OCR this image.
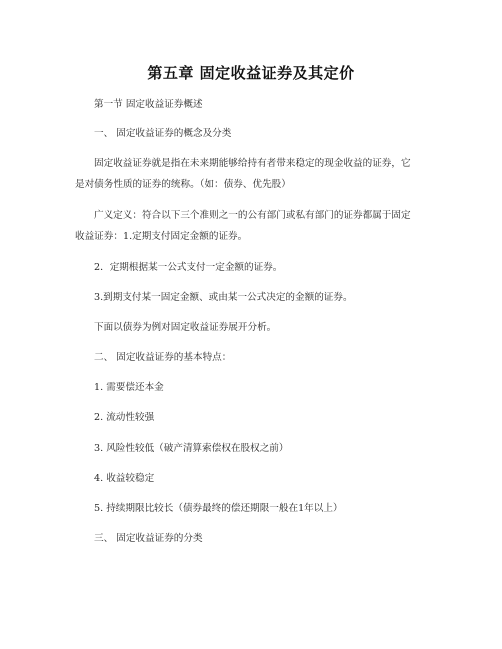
第五章 固定收益证券及其定价
第一节 固定收益证券概述
一、 固定收益证券的概念及分类
固定收益证券就是指在未来期能够给持有者带来稳定的现金收益的证券，它
是对债务性质的证券的统称。（如：债券、优先股）
广义定义：符合以下三个准则之一的公有部门或私有部门的证券都属于固定
收益证券：1.定期支付固定金额的证券。
2．定期根据某一公式支付一定金额的证券。
3.到期支付某一固定金额、或由某一公式决定的金额的证券。
下面以债券为例对固定收益证券展开分析。
二、 固定收益证券的基本特点：
1. 需要偿还本金
2. 流动性较强
3. 风险性较低（破产清算索偿权在股权之前）
4. 收益较稳定
5. 持续期限比较长（债券最终的偿还期限一般在1年以上）
三、 固定收益证券的分类
